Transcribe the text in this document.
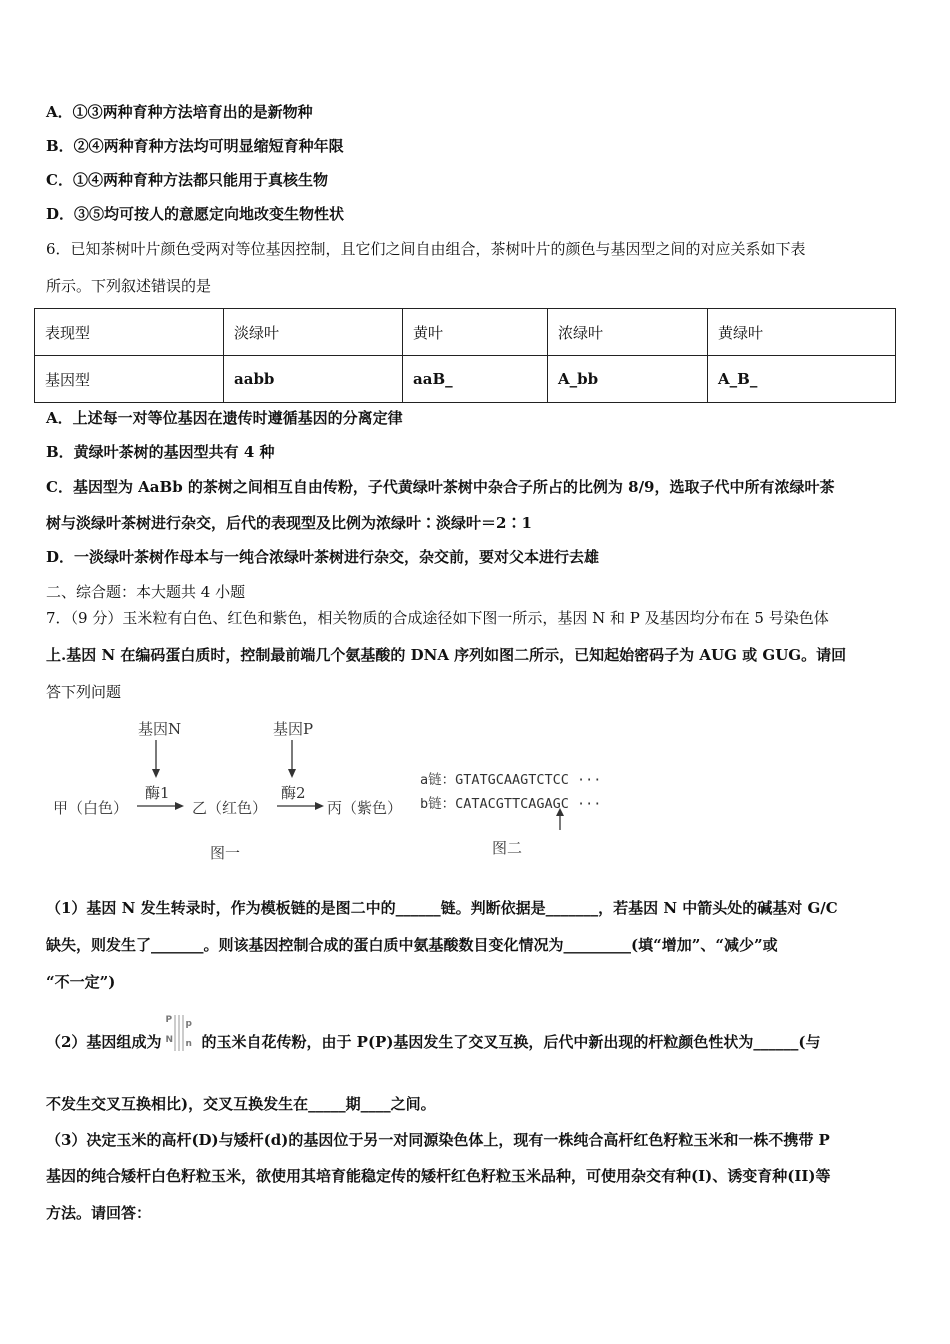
A．①③两种育种方法培育出的是新物种
B．②④两种育种方法均可明显缩短育种年限
C．①④两种育种方法都只能用于真核生物
D．③⑤均可按人的意愿定向地改变生物性状
6．已知茶树叶片颜色受两对等位基因控制，且它们之间自由组合，茶树叶片的颜色与基因型之间的对应关系如下表
所示。下列叙述错误的是
表现型	淡绿叶	黄叶	浓绿叶	黄绿叶
基因型	aabb	aaB_	A_bb	A_B_
A．上述每一对等位基因在遗传时遵循基因的分离定律
B．黄绿叶茶树的基因型共有 4 种
C．基因型为 AaBb 的茶树之间相互自由传粉，子代黄绿叶茶树中杂合子所占的比例为 8/9，选取子代中所有浓绿叶茶
树与淡绿叶茶树进行杂交，后代的表现型及比例为浓绿叶∶淡绿叶＝2∶1
D．一淡绿叶茶树作母本与一纯合浓绿叶茶树进行杂交，杂交前，要对父本进行去雄
二、综合题：本大题共 4 小题
7．（9 分）玉米粒有白色、红色和紫色，相关物质的合成途径如下图一所示，基因 N 和 P 及基因均分布在 5 号染色体
上.基因 N 在编码蛋白质时，控制最前端几个氨基酸的 DNA 序列如图二所示，已知起始密码子为 AUG 或 GUG。请回
答下列问题
基因N	基因P
酶1	酶2
甲（白色）	乙（红色）	丙（紫色）
图一
a链：GTATGCAAGTCTCC ···
b链：CATACGTTCAGAGC ···
图二
（1）基因 N 发生转录时，作为模板链的是图二中的______链。判断依据是_______，若基因 N 中箭头处的碱基对 G/C
缺失，则发生了_______。则该基因控制合成的蛋白质中氨基酸数目变化情况为_________(填“增加”、“减少”或
“不一定”)
（2）基因组成为
P
N
p
n 的玉米自花传粉，由于 P(P)基因发生了交叉互换，后代中新出现的杆粒颜色性状为______(与
不发生交叉互换相比)，交叉互换发生在_____期____之间。
（3）决定玉米的高杆(D)与矮杆(d)的基因位于另一对同源染色体上，现有一株纯合高杆红色籽粒玉米和一株不携带 P
基因的纯合矮杆白色籽粒玉米，欲使用其培育能稳定传的矮杆红色籽粒玉米品种，可使用杂交有种(I)、诱变育种(II)等
方法。请回答：
